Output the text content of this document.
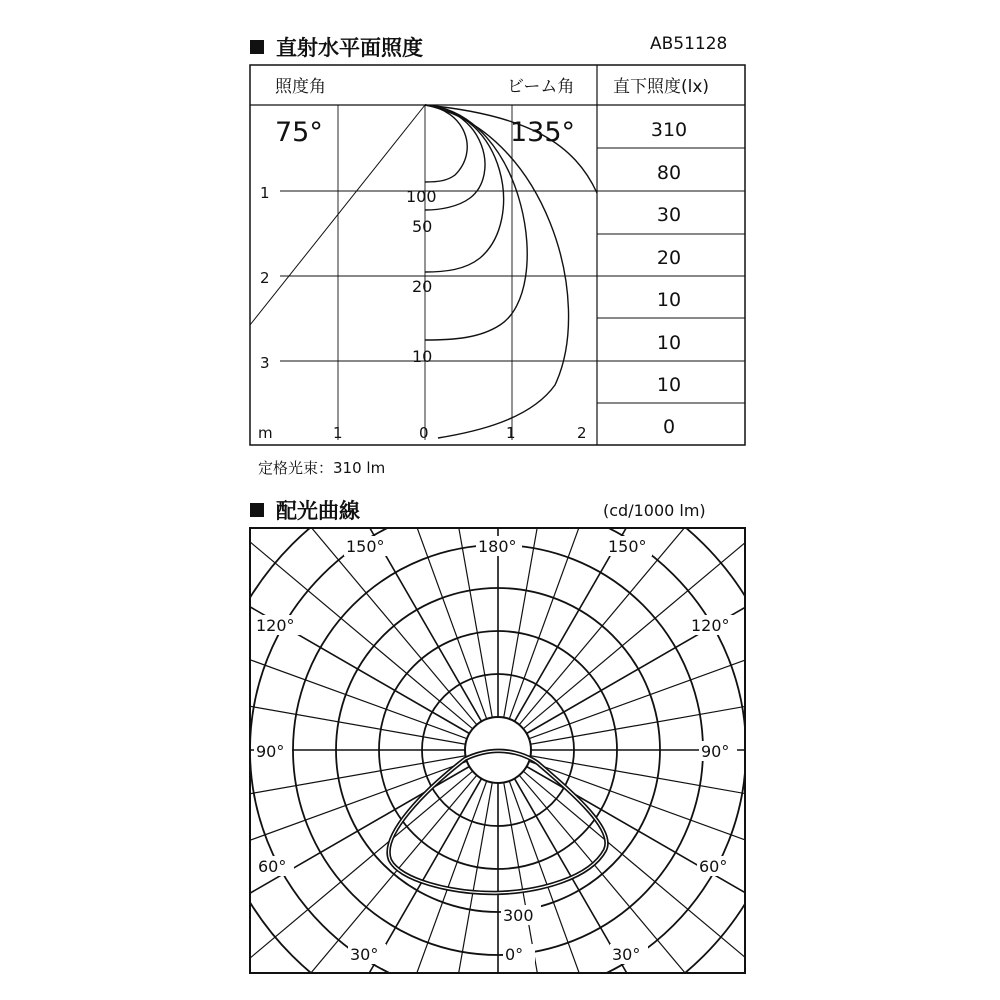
直射水平面照度	AB51128
照度角	ビーム角 直下照度(lx)
75°	135°
1
2
3
m	1	0	1	2
100
50
20
10
310
80
30
20
10
10
10
0
定格光束：310 lm
配光曲線	(cd/1000 lm)
150°	180°	150°
120°	120°
90°	90°
60°	60°
30°	0°	30°
300
